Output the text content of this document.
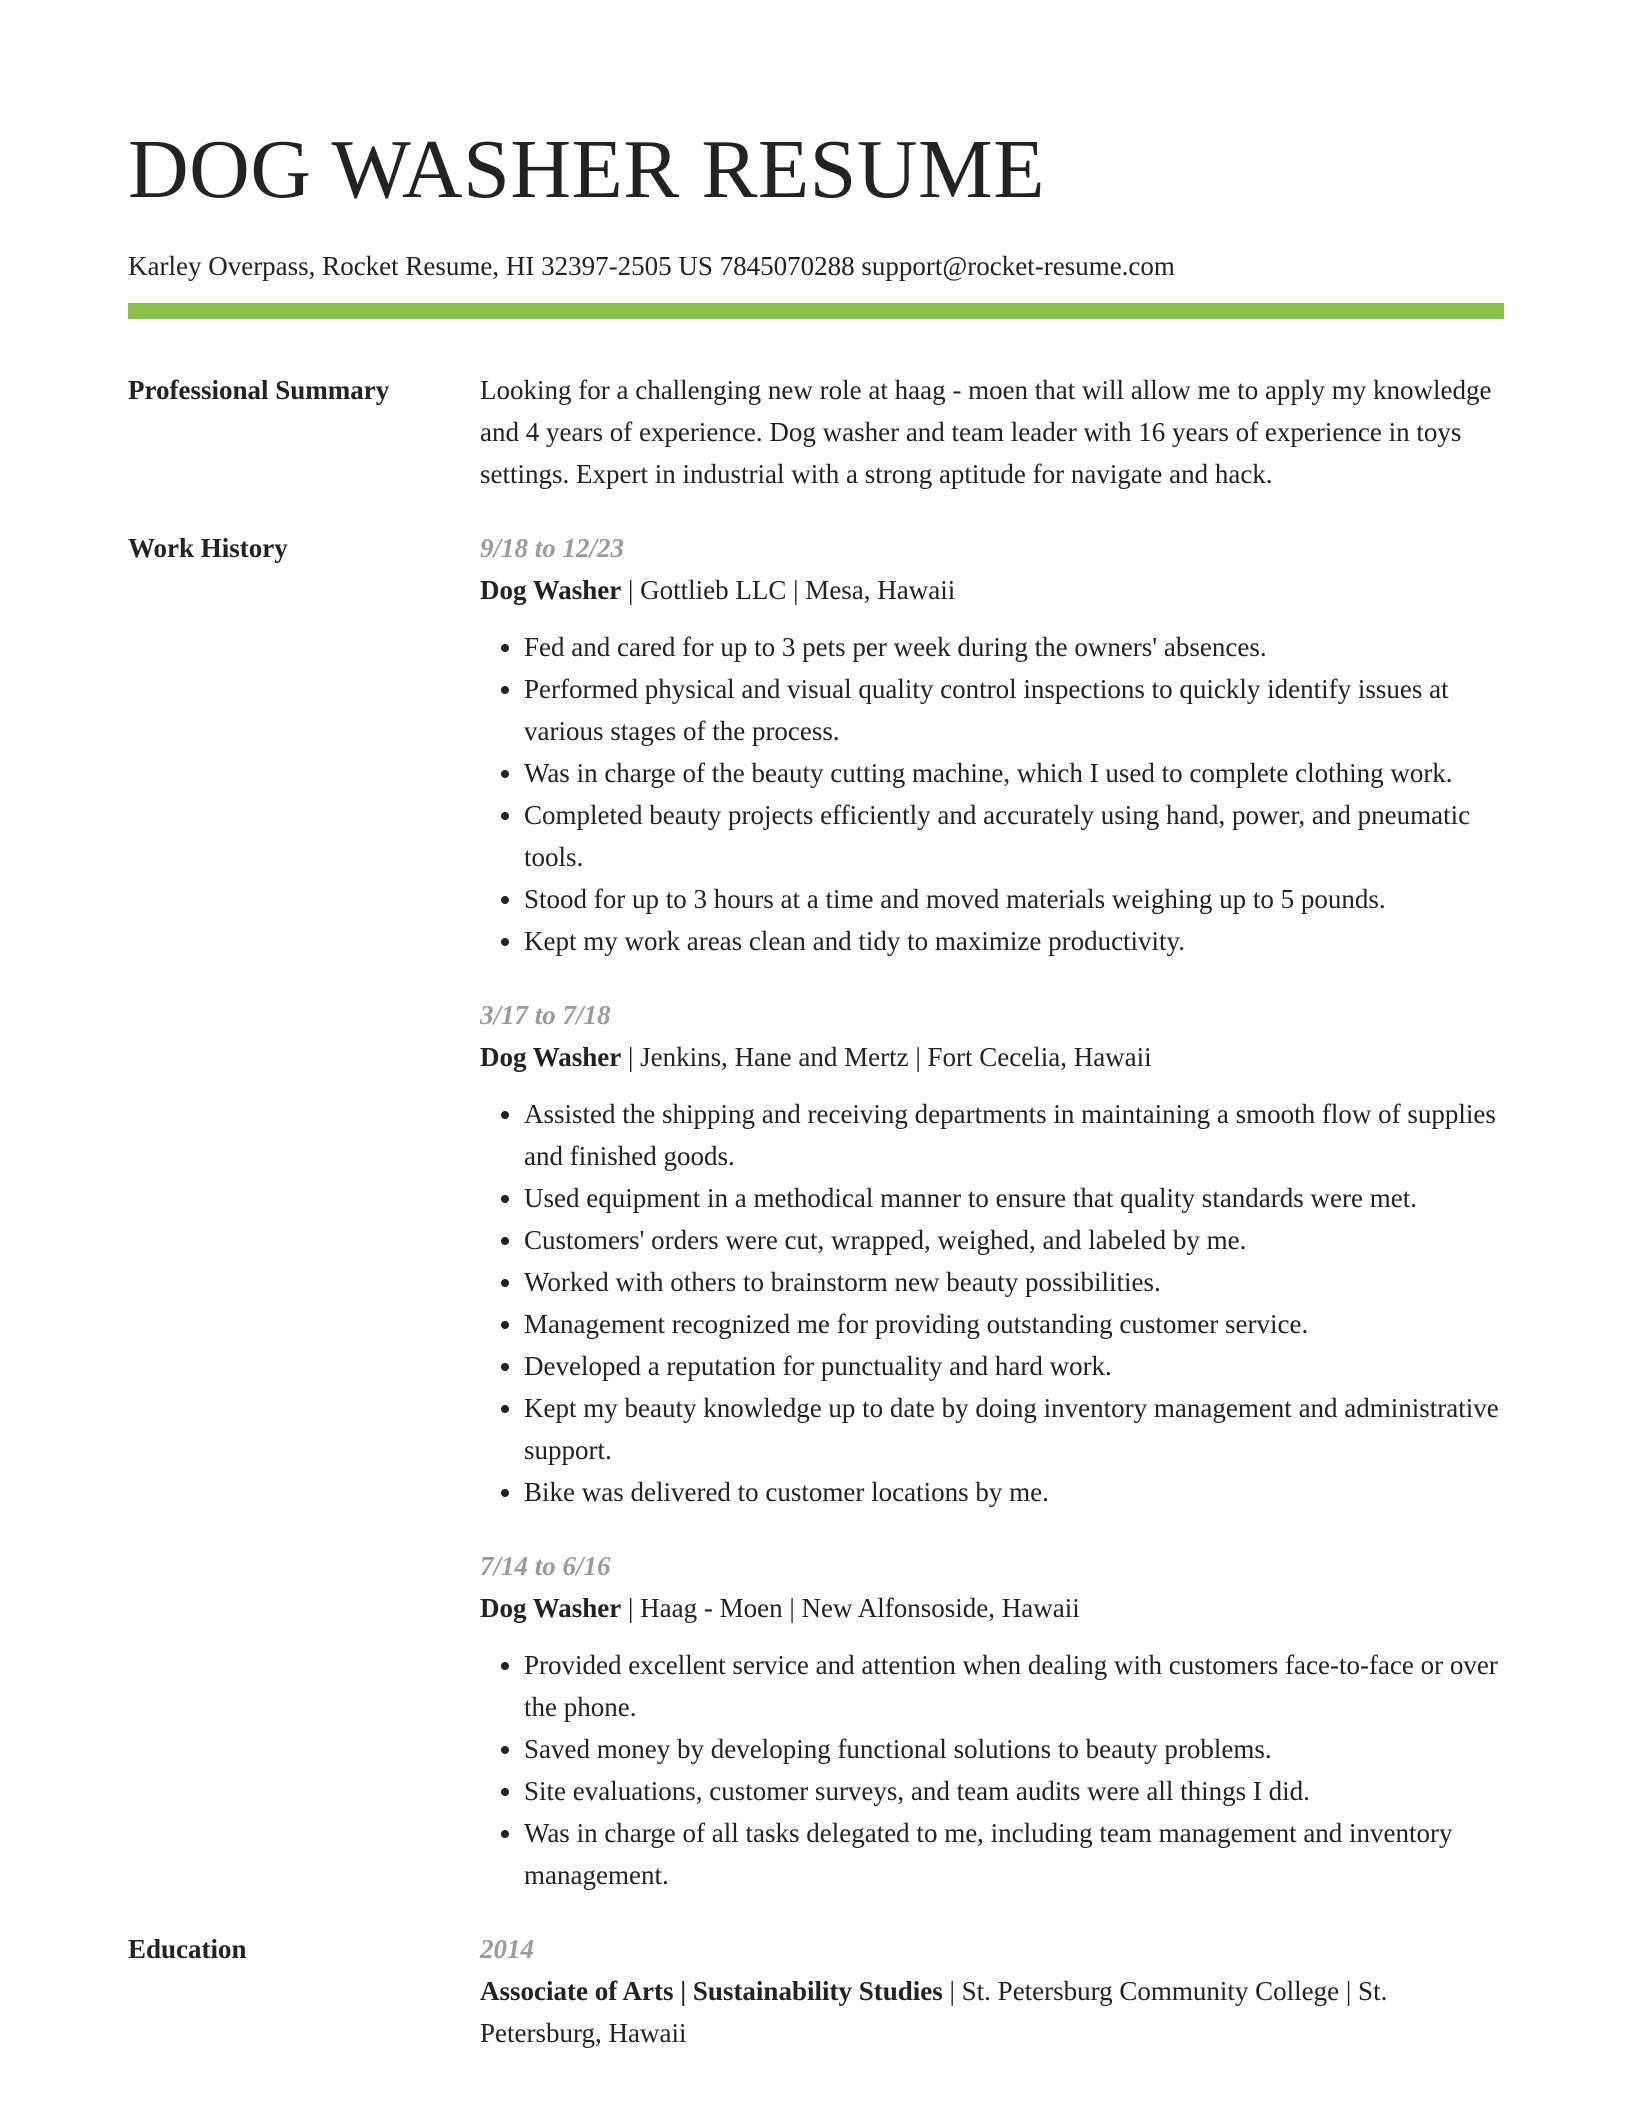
DOG WASHER RESUME
Karley Overpass, Rocket Resume, HI 32397-2505 US 7845070288 support@rocket-resume.com
Professional Summary	Looking for a challenging new role at haag - moen that will allow me to apply my knowledge and 4 years of experience. Dog washer and team leader with 16 years of experience in toys settings. Expert in industrial with a strong aptitude for navigate and hack.

Work History	9/18 to 12/23
Dog Washer | Gottlieb LLC | Mesa, Hawaii
• Fed and cared for up to 3 pets per week during the owners' absences.
• Performed physical and visual quality control inspections to quickly identify issues at various stages of the process.
• Was in charge of the beauty cutting machine, which I used to complete clothing work.
• Completed beauty projects efficiently and accurately using hand, power, and pneumatic tools.
• Stood for up to 3 hours at a time and moved materials weighing up to 5 pounds.
• Kept my work areas clean and tidy to maximize productivity.
3/17 to 7/18
Dog Washer | Jenkins, Hane and Mertz | Fort Cecelia, Hawaii
• Assisted the shipping and receiving departments in maintaining a smooth flow of supplies and finished goods.
• Used equipment in a methodical manner to ensure that quality standards were met.
• Customers' orders were cut, wrapped, weighed, and labeled by me.
• Worked with others to brainstorm new beauty possibilities.
• Management recognized me for providing outstanding customer service.
• Developed a reputation for punctuality and hard work.
• Kept my beauty knowledge up to date by doing inventory management and administrative support.
• Bike was delivered to customer locations by me.
7/14 to 6/16
Dog Washer | Haag - Moen | New Alfonsoside, Hawaii
• Provided excellent service and attention when dealing with customers face-to-face or over the phone.
• Saved money by developing functional solutions to beauty problems.
• Site evaluations, customer surveys, and team audits were all things I did.
• Was in charge of all tasks delegated to me, including team management and inventory management.
Education	2014
Associate of Arts | Sustainability Studies | St. Petersburg Community College | St. Petersburg, Hawaii
